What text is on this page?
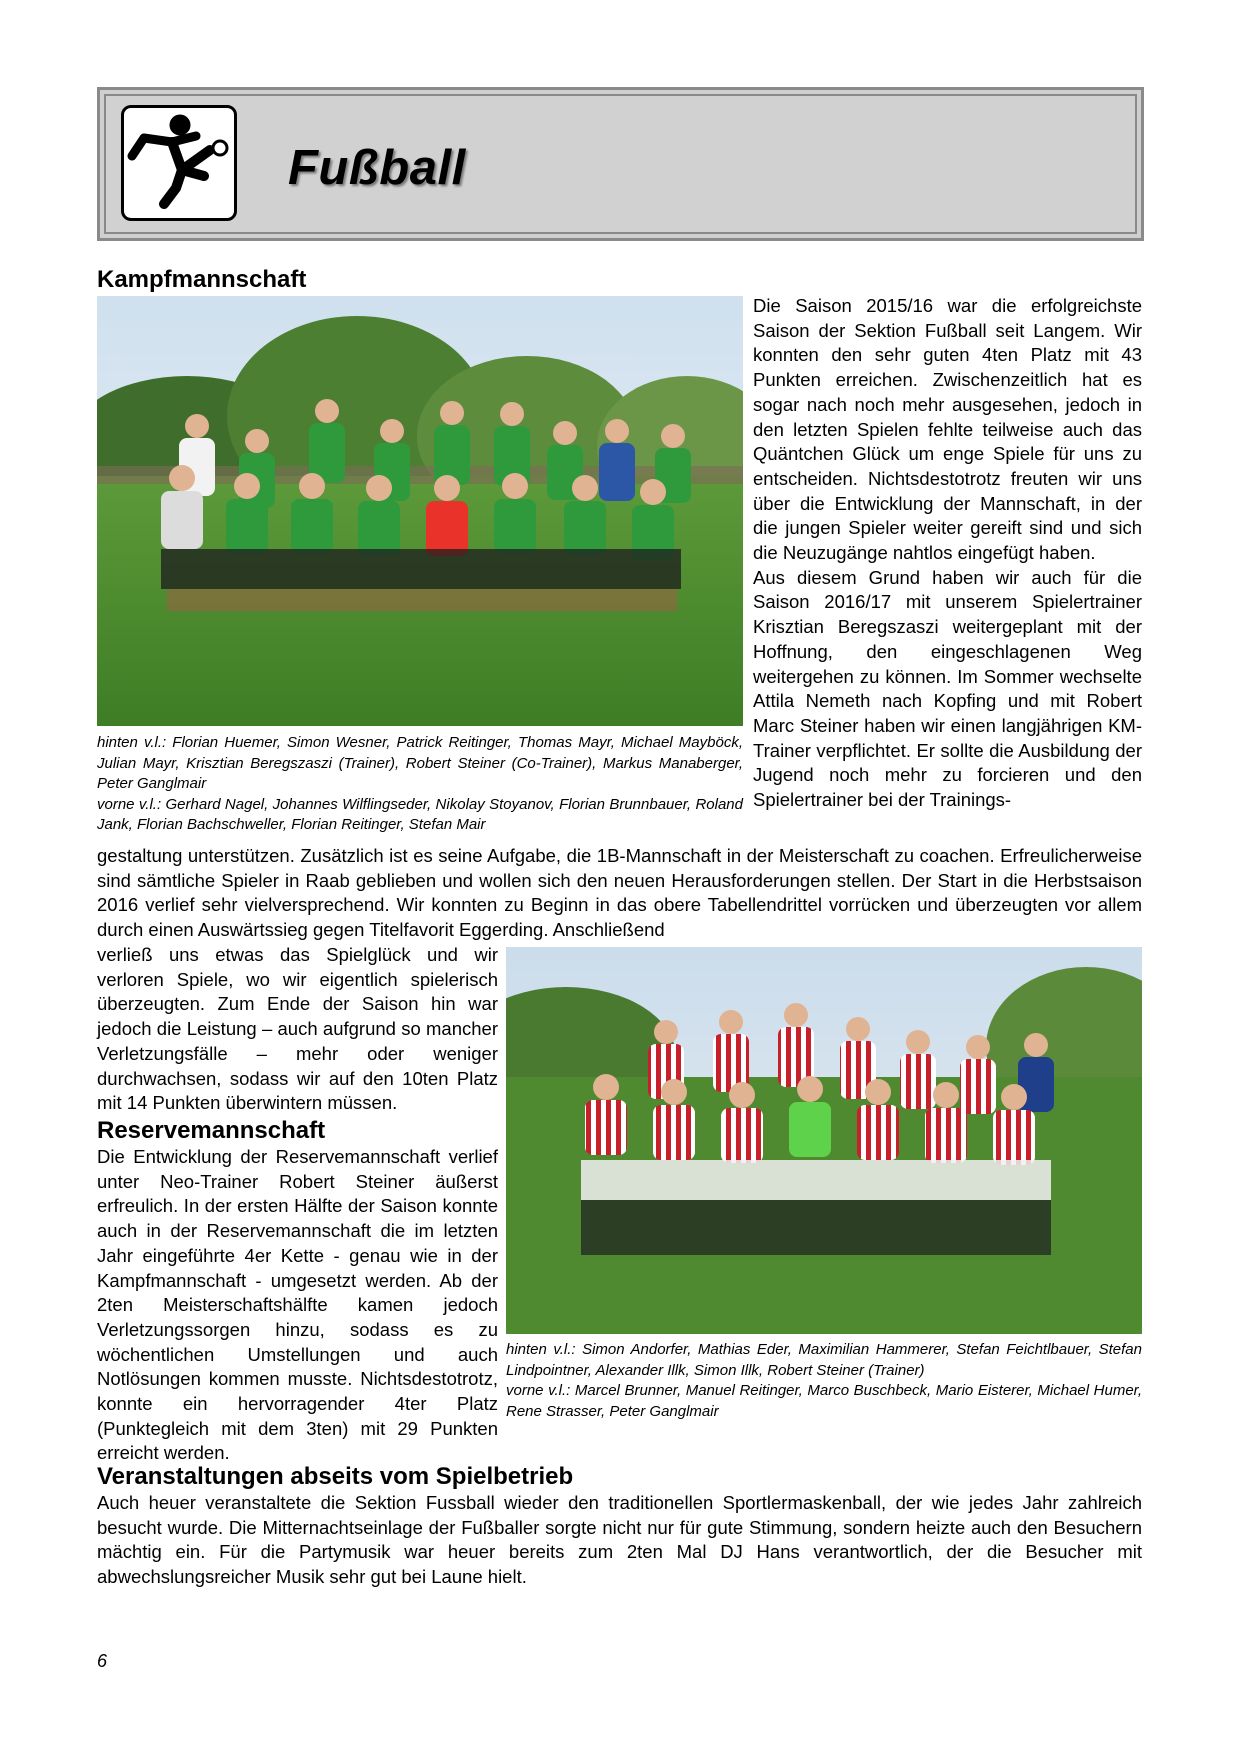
Fußball
Kampfmannschaft

hinten v.l.: Florian Huemer, Simon Wesner, Patrick Reitinger, Thomas Mayr, Michael Mayböck, Julian Mayr, Krisztian Beregszaszi (Trainer), Robert Steiner (Co-Trainer), Markus Manaberger, Peter Ganglmair

vorne v.l.: Gerhard Nagel, Johannes Wilflingseder, Nikolay Stoyanov, Florian Brunnbauer, Roland Jank, Florian Bachschweller, Florian Reitinger, Stefan Mair

Die Saison 2015/16 war die erfolgreichste Saison der Sektion Fußball seit Langem. Wir konnten den sehr guten 4ten Platz mit 43 Punkten erreichen. Zwischenzeitlich hat es sogar nach noch mehr ausgesehen, jedoch in den letzten Spielen fehlte teilweise auch das Quäntchen Glück um enge Spiele für uns zu entscheiden. Nichtsdestotrotz freuten wir uns über die Entwicklung der Mannschaft, in der die jungen Spieler weiter gereift sind und sich die Neuzugänge nahtlos eingefügt haben.

Aus diesem Grund haben wir auch für die Saison 2016/17 mit unserem Spielertrainer Krisztian Beregszaszi weitergeplant mit der Hoffnung, den eingeschlagenen Weg weitergehen zu können. Im Sommer wechselte Attila Nemeth nach Kopfing und mit Robert Marc Steiner haben wir einen langjährigen KM-Trainer verpflichtet. Er sollte die Ausbildung der Jugend noch mehr zu forcieren und den Spielertrainer bei der Trainings-

gestaltung unterstützen. Zusätzlich ist es seine Aufgabe, die 1B-Mannschaft in der Meisterschaft zu coachen. Erfreulicherweise sind sämtliche Spieler in Raab geblieben und wollen sich den neuen Herausforderungen stellen. Der Start in die Herbstsaison 2016 verlief sehr vielversprechend. Wir konnten zu Beginn in das obere Tabellendrittel vorrücken und überzeugten vor allem durch einen Auswärtssieg gegen Titelfavorit Eggerding. Anschließend
verließ uns etwas das Spielglück und wir verloren Spiele, wo wir eigentlich spielerisch überzeugten. Zum Ende der Saison hin war jedoch die Leistung – auch aufgrund so mancher Verletzungsfälle – mehr oder weniger durchwachsen, sodass wir auf den 10ten Platz mit 14 Punkten überwintern müssen.

hinten v.l.: Simon Andorfer, Mathias Eder, Maximilian Hammerer, Stefan Feichtlbauer, Stefan Lindpointner, Alexander Illk, Simon Illk, Robert Steiner (Trainer)

vorne v.l.: Marcel Brunner, Manuel Reitinger, Marco Buschbeck, Mario Eisterer, Michael Humer, Rene Strasser, Peter Ganglmair

Reservemannschaft
Die Entwicklung der Reservemannschaft verlief unter Neo-Trainer Robert Steiner äußerst erfreulich. In der ersten Hälfte der Saison konnte auch in der Reservemannschaft die im letzten Jahr eingeführte 4er Kette - genau wie in der Kampfmannschaft - umgesetzt werden. Ab der 2ten Meisterschaftshälfte kamen jedoch Verletzungssorgen hinzu, sodass es zu wöchentlichen Umstellungen und auch Notlösungen kommen musste. Nichtsdestotrotz, konnte ein hervorragender 4ter Platz (Punktegleich mit dem 3ten) mit 29 Punkten erreicht werden.
Veranstaltungen abseits vom Spielbetrieb
Auch heuer veranstaltete die Sektion Fussball wieder den traditionellen Sportlermaskenball, der wie jedes Jahr zahlreich besucht wurde. Die Mitternachtseinlage der Fußballer sorgte nicht nur für gute Stimmung, sondern heizte auch den Besuchern mächtig ein. Für die Partymusik war heuer bereits zum 2ten Mal DJ Hans verantwortlich, der die Besucher mit abwechslungsreicher Musik sehr gut bei Laune hielt.
6
